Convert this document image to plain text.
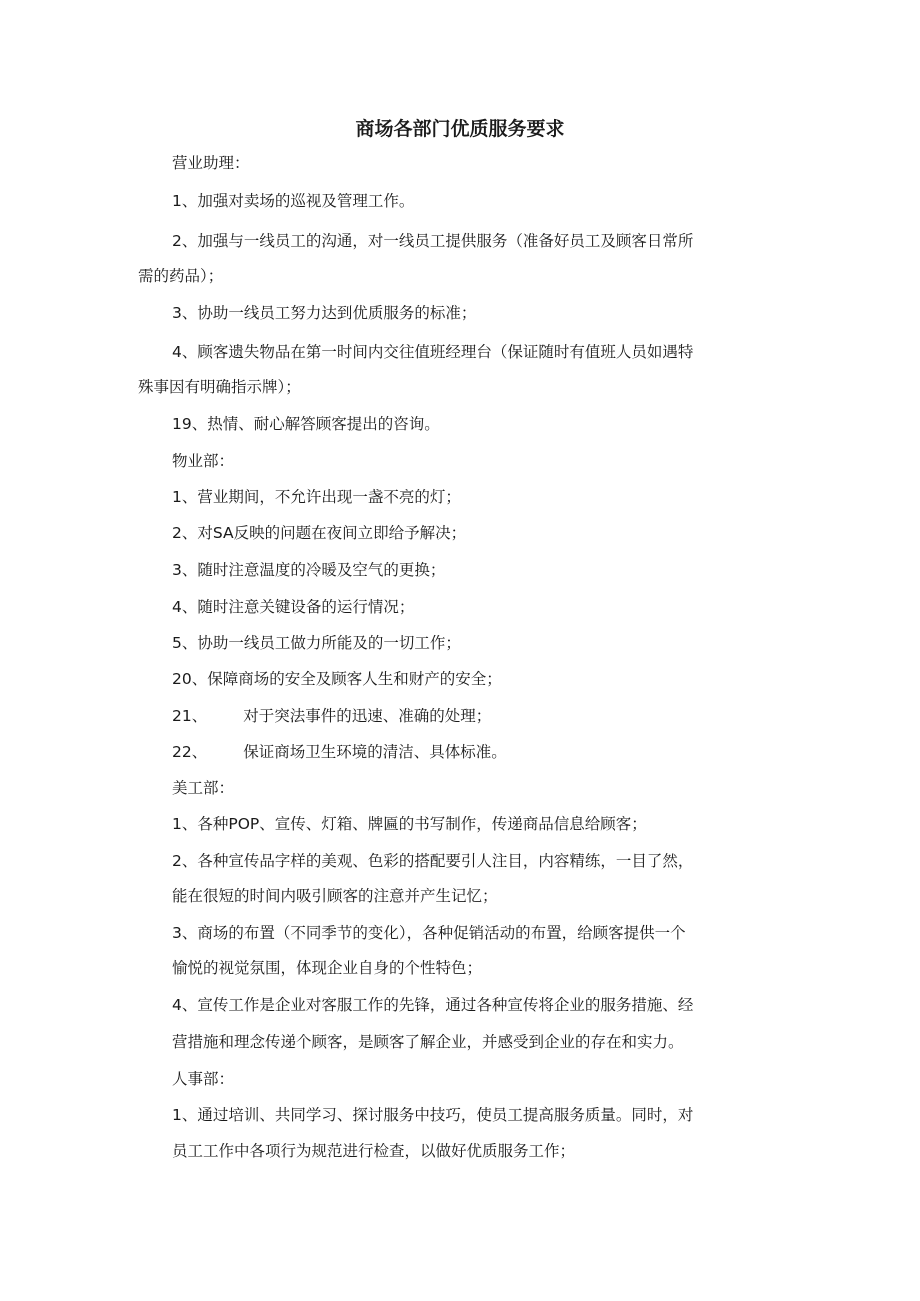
商场各部门优质服务要求
营业助理：
1、加强对卖场的巡视及管理工作。
2、加强与一线员工的沟通，对一线员工提供服务（准备好员工及顾客日常所
需的药品）；
3、协助一线员工努力达到优质服务的标准；
4、顾客遗失物品在第一时间内交往值班经理台（保证随时有值班人员如遇特
殊事因有明确指示牌）；
19、热情、耐心解答顾客提出的咨询。
物业部：
1、营业期间，不允许出现一盏不亮的灯；
2、对SA反映的问题在夜间立即给予解决；
3、随时注意温度的冷暖及空气的更换；
4、随时注意关键设备的运行情况；
5、协助一线员工做力所能及的一切工作；
20、保障商场的安全及顾客人生和财产的安全；
21、 对于突法事件的迅速、准确的处理；
22、 保证商场卫生环境的清洁、具体标准。
美工部：
1、各种POP、宣传、灯箱、牌匾的书写制作，传递商品信息给顾客；
2、各种宣传品字样的美观、色彩的搭配要引人注目，内容精练，一目了然，
能在很短的时间内吸引顾客的注意并产生记忆；
3、商场的布置（不同季节的变化），各种促销活动的布置，给顾客提供一个
愉悦的视觉氛围，体现企业自身的个性特色；
4、宣传工作是企业对客服工作的先锋，通过各种宣传将企业的服务措施、经
营措施和理念传递个顾客，是顾客了解企业，并感受到企业的存在和实力。
人事部：
1、通过培训、共同学习、探讨服务中技巧，使员工提高服务质量。同时，对
员工工作中各项行为规范进行检查，以做好优质服务工作；
